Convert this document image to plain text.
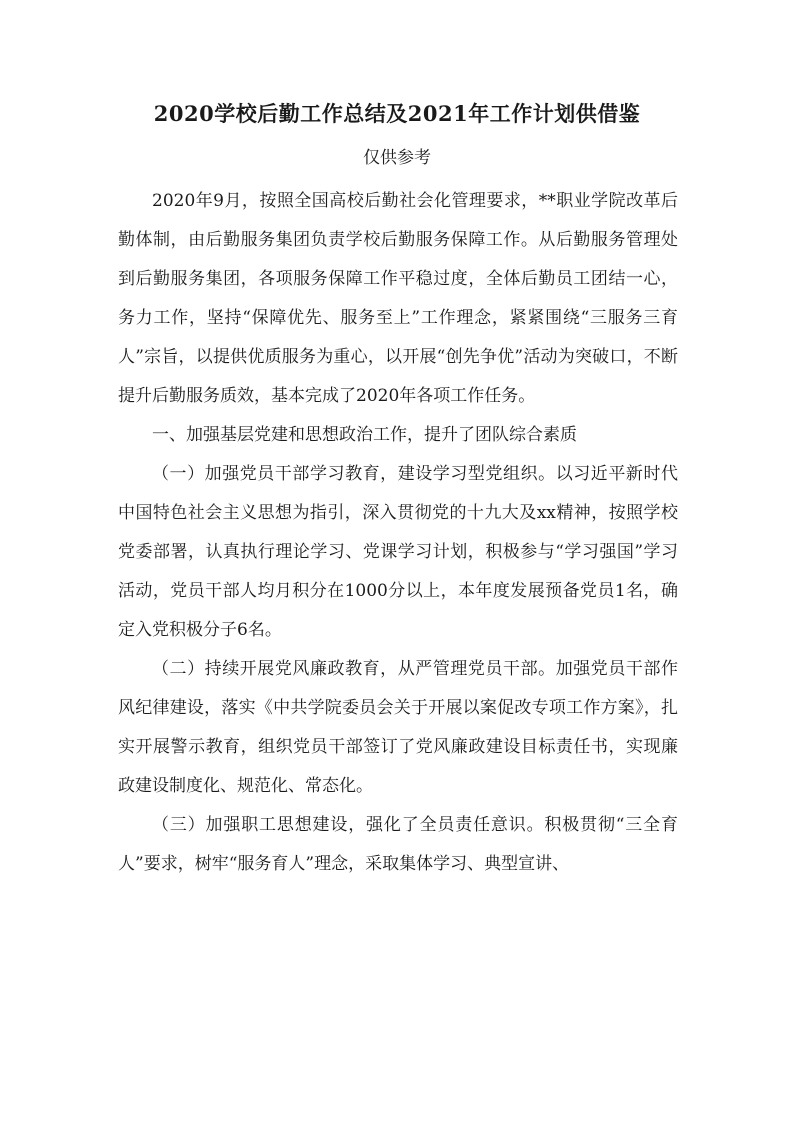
2020学校后勤工作总结及2021年工作计划供借鉴
仅供参考

2020年9月，按照全国高校后勤社会化管理要求，**职业学院改革后勤体制，由后勤服务集团负责学校后勤服务保障工作。从后勤服务管理处到后勤服务集团，各项服务保障工作平稳过度，全体后勤员工团结一心，务力工作，坚持“保障优先、服务至上”工作理念，紧紧围绕“三服务三育人”宗旨，以提供优质服务为重心，以开展“创先争优”活动为突破口，不断提升后勤服务质效，基本完成了2020年各项工作任务。

一、加强基层党建和思想政治工作，提升了团队综合素质

（一）加强党员干部学习教育，建设学习型党组织。以习近平新时代中国特色社会主义思想为指引，深入贯彻党的十九大及xx精神，按照学校党委部署，认真执行理论学习、党课学习计划，积极参与“学习强国”学习活动，党员干部人均月积分在1000分以上，本年度发展预备党员1名，确定入党积极分子6名。

（二）持续开展党风廉政教育，从严管理党员干部。加强党员干部作风纪律建设，落实《中共学院委员会关于开展以案促改专项工作方案》，扎实开展警示教育，组织党员干部签订了党风廉政建设目标责任书，实现廉政建设制度化、规范化、常态化。

（三）加强职工思想建设，强化了全员责任意识。积极贯彻“三全育人”要求，树牢“服务育人”理念，采取集体学习、典型宣讲、
